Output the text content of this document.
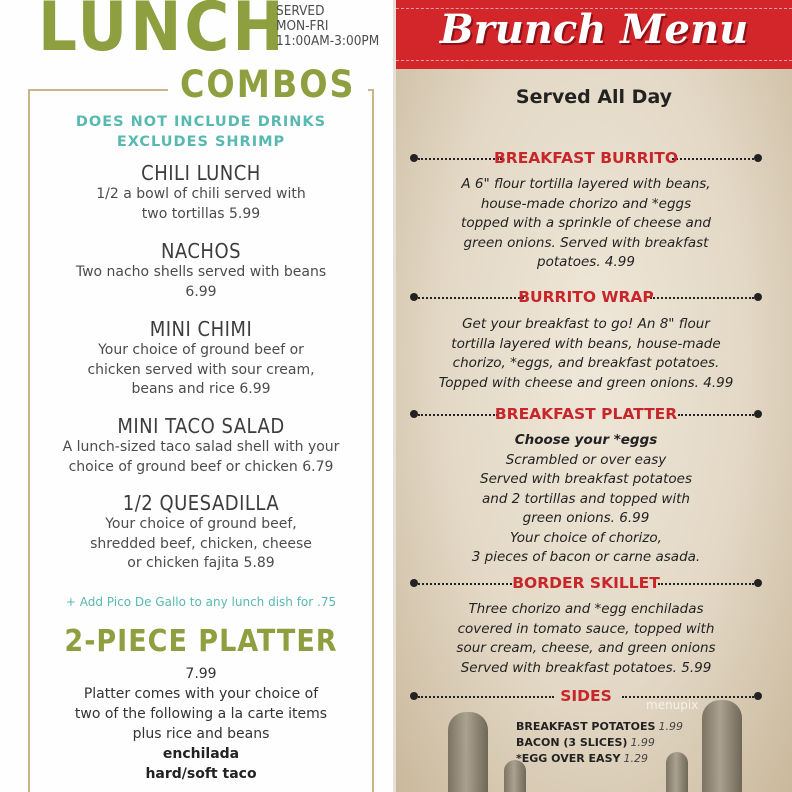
LUNCH
SERVED
MON-FRI
11:00AM-3:00PM
COMBOS
DOES NOT INCLUDE DRINKS
EXCLUDES SHRIMP
CHILI LUNCH
1/2 a bowl of chili served with
two tortillas 5.99
NACHOS
Two nacho shells served with beans
6.99
MINI CHIMI
Your choice of ground beef or
chicken served with sour cream,
beans and rice 6.99
MINI TACO SALAD
A lunch-sized taco salad shell with your
choice of ground beef or chicken 6.79
1/2 QUESADILLA
Your choice of ground beef,
shredded beef, chicken, cheese
or chicken fajita 5.89
+ Add Pico De Gallo to any lunch dish for .75
2-PIECE PLATTER
7.99
Platter comes with your choice of
two of the following a la carte items
plus rice and beans
enchilada
hard/soft taco
Brunch Menu
Served All Day
BREAKFAST BURRITO
A 6" flour tortilla layered with beans,
house-made chorizo and *eggs
topped with a sprinkle of cheese and
green onions. Served with breakfast
potatoes. 4.99
BURRITO WRAP
Get your breakfast to go! An 8" flour
tortilla layered with beans, house-made
chorizo, *eggs, and breakfast potatoes.
Topped with cheese and green onions. 4.99
BREAKFAST PLATTER
Choose your *eggs
Scrambled or over easy
Served with breakfast potatoes
and 2 tortillas and topped with
green onions. 6.99
Your choice of chorizo,
3 pieces of bacon or carne asada.
BORDER SKILLET
Three chorizo and *egg enchiladas
covered in tomato sauce, topped with
sour cream, cheese, and green onions
Served with breakfast potatoes. 5.99
SIDES	menupix
BREAKFAST POTATOES 1.99
BACON (3 SLICES) 1.99
*EGG OVER EASY 1.29
